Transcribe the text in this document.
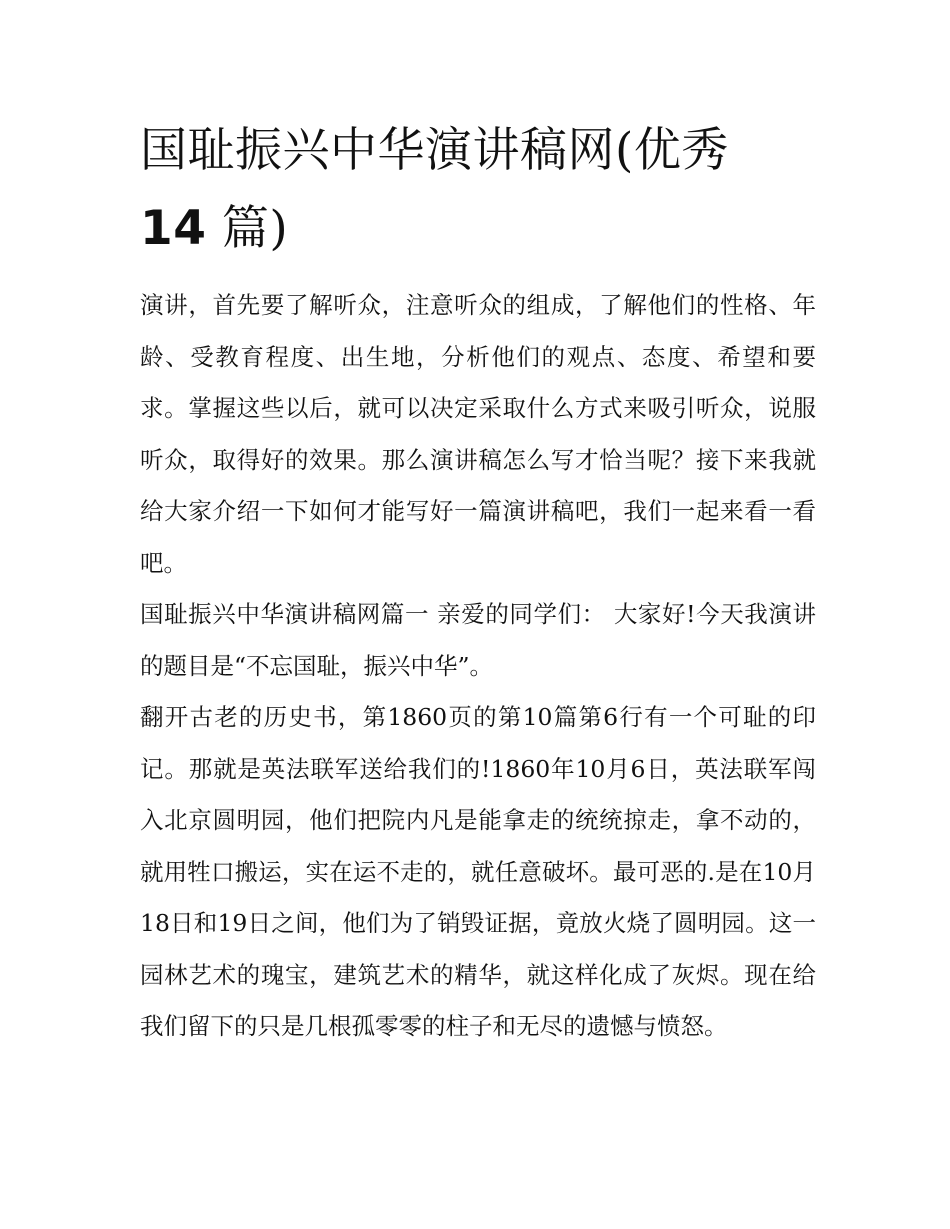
国耻振兴中华演讲稿网(优秀
14 篇)

演讲，首先要了解听众，注意听众的组成，了解他们的性格、年龄、受教育程度、出生地，分析他们的观点、态度、希望和要求。掌握这些以后，就可以决定采取什么方式来吸引听众，说服听众，取得好的效果。那么演讲稿怎么写才恰当呢？接下来我就给大家介绍一下如何才能写好一篇演讲稿吧，我们一起来看一看吧。

国耻振兴中华演讲稿网篇一 亲爱的同学们： 大家好!今天我演讲的题目是“不忘国耻，振兴中华”。

翻开古老的历史书，第1860页的第10篇第6行有一个可耻的印记。那就是英法联军送给我们的!1860年10月6日，英法联军闯入北京圆明园，他们把院内凡是能拿走的统统掠走，拿不动的，就用牲口搬运，实在运不走的，就任意破坏。最可恶的.是在10月18日和19日之间，他们为了销毁证据，竟放火烧了圆明园。这一园林艺术的瑰宝，建筑艺术的精华，就这样化成了灰烬。现在给我们留下的只是几根孤零零的柱子和无尽的遗憾与愤怒。
